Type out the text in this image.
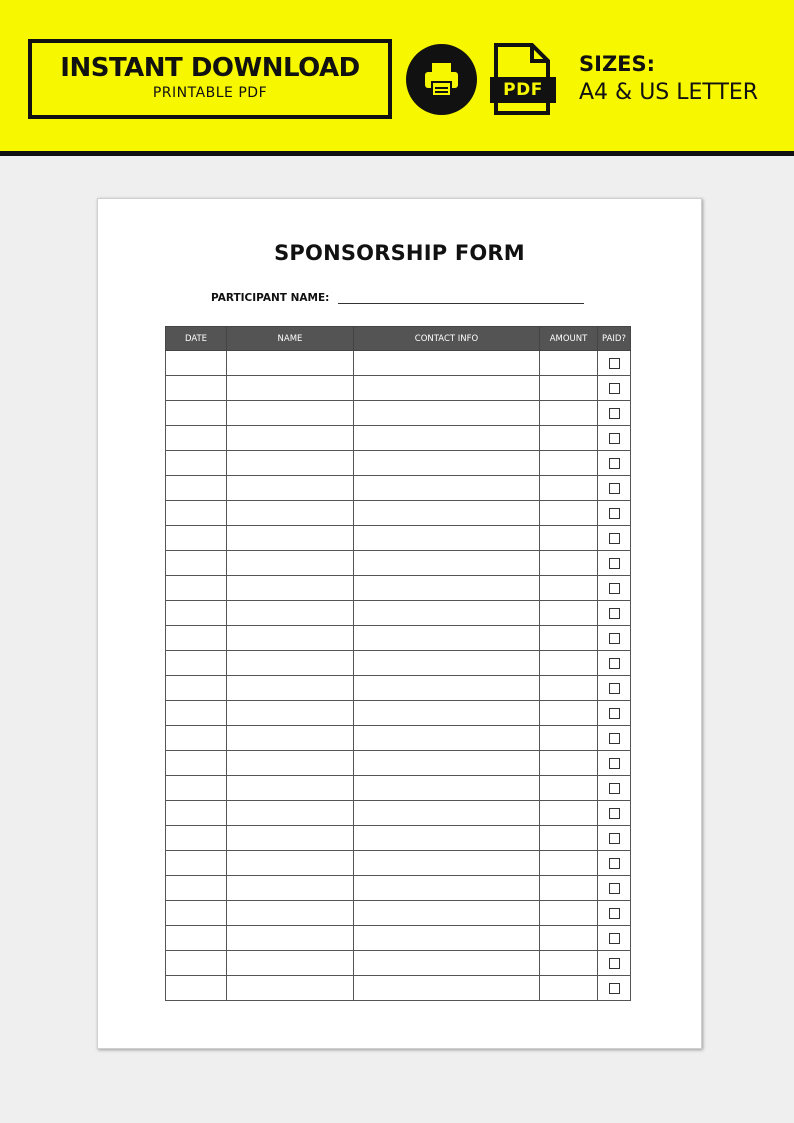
INSTANT DOWNLOAD
PRINTABLE PDF	PDF
SIZES:
A4 & US LETTER
SPONSORSHIP FORM
PARTICIPANT NAME:
DATE	NAME	CONTACT INFO	AMOUNT	PAID?
